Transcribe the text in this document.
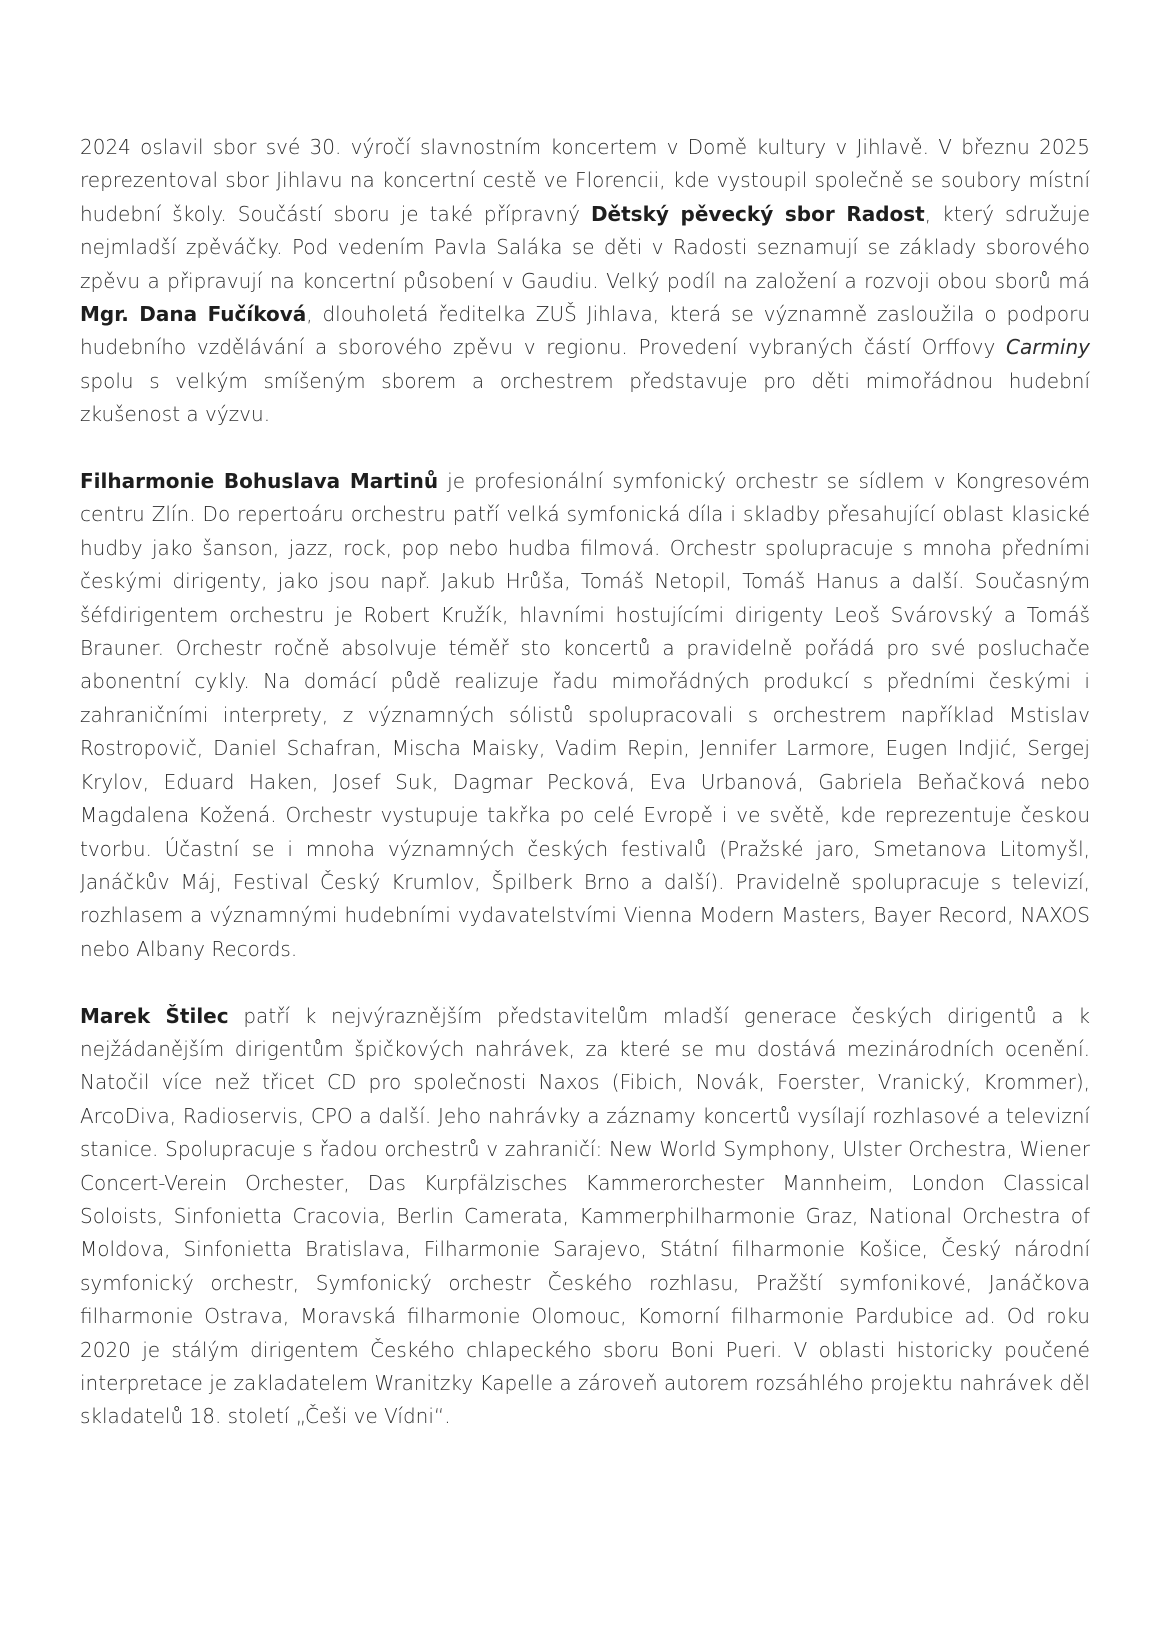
2024 oslavil sbor své 30. výročí slavnostním koncertem v Domě kultury v Jihlavě. V březnu 2025 reprezentoval sbor Jihlavu na koncertní cestě ve Florencii, kde vystoupil společně se soubory místní hudební školy. Součástí sboru je také přípravný Dětský pěvecký sbor Radost, který sdružuje nejmladší zpěváčky. Pod vedením Pavla Saláka se děti v Radosti seznamují se základy sborového zpěvu a připravují na koncertní působení v Gaudiu. Velký podíl na založení a rozvoji obou sborů má Mgr. Dana Fučíková, dlouholetá ředitelka ZUŠ Jihlava, která se významně zasloužila o podporu hudebního vzdělávání a sborového zpěvu v regionu. Provedení vybraných částí Orffovy Carminy spolu s velkým smíšeným sborem a orchestrem představuje pro děti mimořádnou hudební zkušenost a výzvu.

Filharmonie Bohuslava Martinů je profesionální symfonický orchestr se sídlem v Kongresovém centru Zlín. Do repertoáru orchestru patří velká symfonická díla i skladby přesahující oblast klasické hudby jako šanson, jazz, rock, pop nebo hudba filmová. Orchestr spolupracuje s mnoha předními českými dirigenty, jako jsou např. Jakub Hrůša, Tomáš Netopil, Tomáš Hanus a další. Současným šéfdirigentem orchestru je Robert Kružík, hlavními hostujícími dirigenty Leoš Svárovský a Tomáš Brauner. Orchestr ročně absolvuje téměř sto koncertů a pravidelně pořádá pro své posluchače abonentní cykly. Na domácí půdě realizuje řadu mimořádných produkcí s předními českými i zahraničními interprety, z významných sólistů spolupracovali s orchestrem například Mstislav Rostropovič, Daniel Schafran, Mischa Maisky, Vadim Repin, Jennifer Larmore, Eugen Indjić, Sergej Krylov, Eduard Haken, Josef Suk, Dagmar Pecková, Eva Urbanová, Gabriela Beňačková nebo Magdalena Kožená. Orchestr vystupuje takřka po celé Evropě i ve světě, kde reprezentuje českou tvorbu. Účastní se i mnoha významných českých festivalů (Pražské jaro, Smetanova Litomyšl, Janáčkův Máj, Festival Český Krumlov, Špilberk Brno a další). Pravidelně spolupracuje s televizí, rozhlasem a významnými hudebními vydavatelstvími Vienna Modern Masters, Bayer Record, NAXOS nebo Albany Records.

Marek Štilec patří k nejvýraznějším představitelům mladší generace českých dirigentů a k nejžádanějším dirigentům špičkových nahrávek, za které se mu dostává mezinárodních ocenění. Natočil více než třicet CD pro společnosti Naxos (Fibich, Novák, Foerster, Vranický, Krommer), ArcoDiva, Radioservis, CPO a další. Jeho nahrávky a záznamy koncertů vysílají rozhlasové a televizní stanice. Spolupracuje s řadou orchestrů v zahraničí: New World Symphony, Ulster Orchestra, Wiener Concert-Verein Orchester, Das Kurpfälzisches Kammerorchester Mannheim, London Classical Soloists, Sinfonietta Cracovia, Berlin Camerata, Kammerphilharmonie Graz, National Orchestra of Moldova, Sinfonietta Bratislava, Filharmonie Sarajevo, Státní filharmonie Košice, Český národní symfonický orchestr, Symfonický orchestr Českého rozhlasu, Pražští symfonikové, Janáčkova filharmonie Ostrava, Moravská filharmonie Olomouc, Komorní filharmonie Pardubice ad. Od roku 2020 je stálým dirigentem Českého chlapeckého sboru Boni Pueri. V oblasti historicky poučené interpretace je zakladatelem Wranitzky Kapelle a zároveň autorem rozsáhlého projektu nahrávek děl skladatelů 18. století „Češi ve Vídni“.
